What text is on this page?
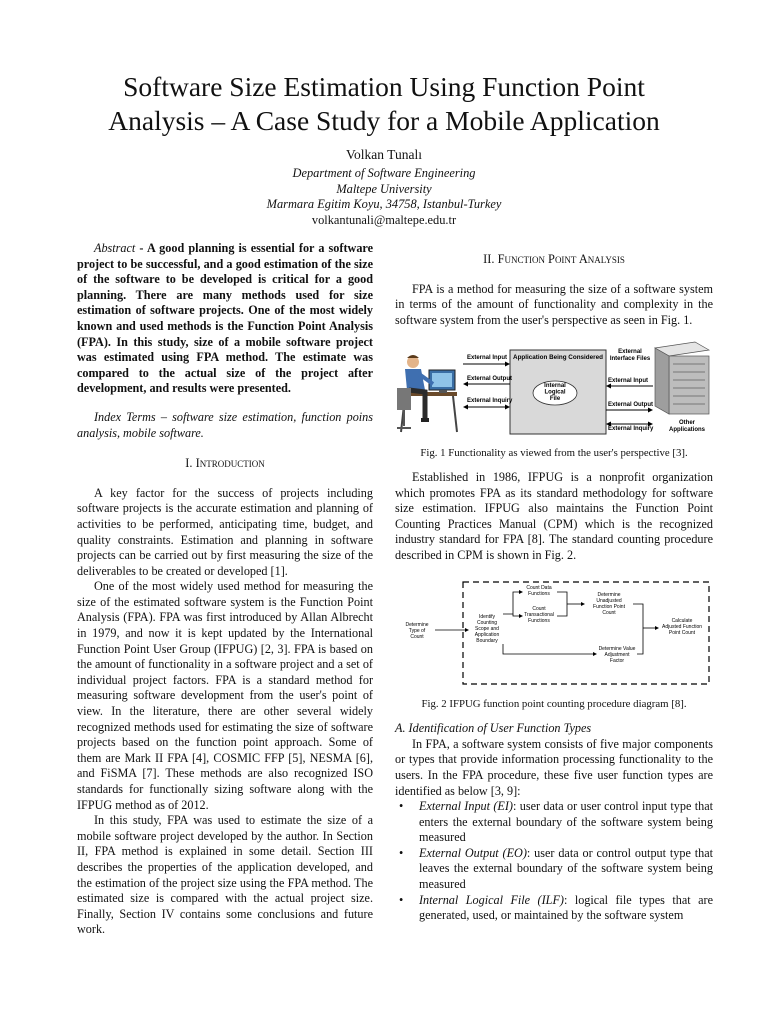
Software Size Estimation Using Function Point
Analysis – A Case Study for a Mobile Application
Volkan Tunalı
Department of Software Engineering
Maltepe University
Marmara Egitim Koyu, 34758, Istanbul-Turkey
volkantunali@maltepe.edu.tr

Abstract - A good planning is essential for a software project to be successful, and a good estimation of the size of the software to be developed is critical for a good planning. There are many methods used for size estimation of software projects. One of the most widely known and used methods is the Function Point Analysis (FPA). In this study, size of a mobile software project was estimated using FPA method. The estimate was compared to the actual size of the project after development, and results were presented.

Index Terms – software size estimation, function poins analysis, mobile software.

I. Introduction

A key factor for the success of projects including software projects is the accurate estimation and planning of activities to be performed, anticipating time, budget, and quality constraints. Estimation and planning in software projects can be carried out by first measuring the size of the deliverables to be created or developed [1].

One of the most widely used method for measuring the size of the estimated software system is the Function Point Analysis (FPA). FPA was first introduced by Allan Albrecht in 1979, and now it is kept updated by the International Function Point User Group (IFPUG) [2, 3]. FPA is based on the amount of functionality in a software project and a set of individual project factors. FPA is a standard method for measuring software development from the user's point of view. In the literature, there are other several widely recognized methods used for estimating the size of software projects based on the function point approach. Some of them are Mark II FPA [4], COSMIC FFP [5], NESMA [6], and FiSMA [7]. These methods are also recognized ISO standards for functionally sizing software along with the IFPUG method as of 2012.

In this study, FPA was used to estimate the size of a mobile software project developed by the author. In Section II, FPA method is explained in some detail. Section III describes the properties of the application developed, and the estimation of the project size using the FPA method. The estimated size is compared with the actual project size. Finally, Section IV contains some conclusions and future work.

II. Function Point Analysis

FPA is a method for measuring the size of a software system in terms of the amount of functionality and complexity in the software system from the user's perspective as seen in Fig. 1.

Application Being Considered
Internal
Logical
File
External Input
External Output
External Inquiry
External
Interface Files
External Input
External Output
External Inquiry
Other
Applications
Fig. 1 Functionality as viewed from the user's perspective [3].

Established in 1986, IFPUG is a nonprofit organization which promotes FPA as its standard methodology for software size estimation. IFPUG also maintains the Function Point Counting Practices Manual (CPM) which is the recognized industry standard for FPA [8]. The standard counting procedure described in CPM is shown in Fig. 2.

Determine
Type of
Count
Identify
Counting
Scope and
Application
Boundary
Count Data
Functions
Count
Transactional
Functions
Determine
Unadjusted
Function Point
Count
Determine Value
Adjustment
Factor
Calculate
Adjusted Function
Point Count
Fig. 2 IFPUG function point counting procedure diagram [8].
A. Identification of User Function Types

In FPA, a software system consists of five major components or types that provide information processing functionality to the users. In the FPA procedure, these five user function types are identified as below [3, 9]:

• External Input (EI): user data or user control input type that enters the external boundary of the software system being measured
• External Output (EO): user data or control output type that leaves the external boundary of the software system being measured
• Internal Logical File (ILF): logical file types that are generated, used, or maintained by the software system
